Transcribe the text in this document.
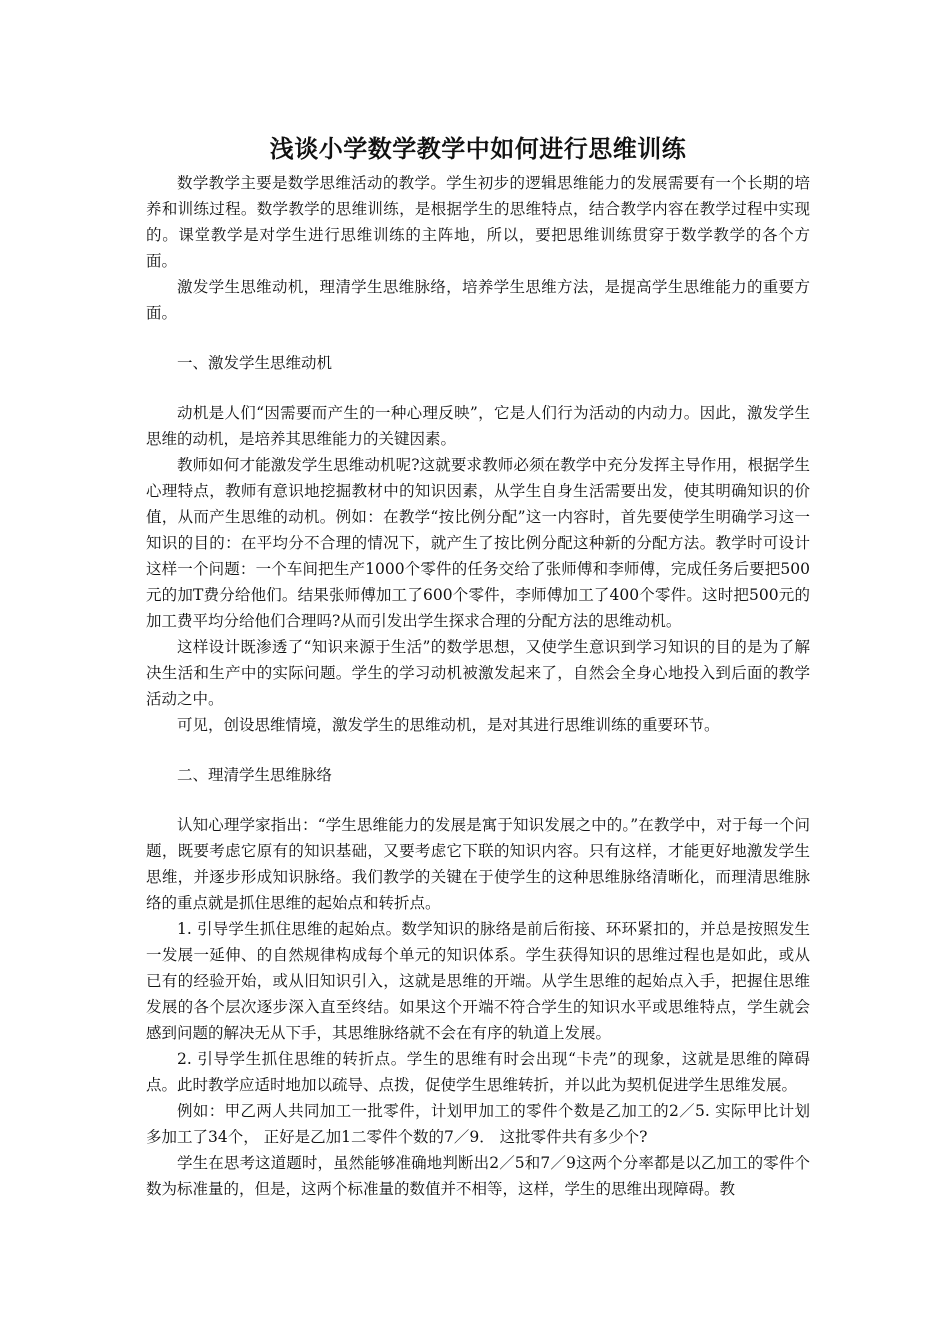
浅谈小学数学教学中如何进行思维训练

数学教学主要是数学思维活动的教学。学生初步的逻辑思维能力的发展需要有一个长期的培养和训练过程。数学教学的思维训练，是根据学生的思维特点，结合教学内容在教学过程中实现的。课堂教学是对学生进行思维训练的主阵地，所以，要把思维训练贯穿于数学教学的各个方面。

激发学生思维动机，理清学生思维脉络，培养学生思维方法，是提高学生思维能力的重要方面。

一、激发学生思维动机

动机是人们“因需要而产生的一种心理反映”，它是人们行为活动的内动力。因此，激发学生思维的动机，是培养其思维能力的关键因素。

教师如何才能激发学生思维动机呢?这就要求教师必须在教学中充分发挥主导作用，根据学生心理特点，教师有意识地挖掘教材中的知识因素，从学生自身生活需要出发，使其明确知识的价值，从而产生思维的动机。例如：在教学“按比例分配”这一内容时，首先要使学生明确学习这一知识的目的：在平均分不合理的情况下，就产生了按比例分配这种新的分配方法。教学时可设计这样一个问题：一个车间把生产1000个零件的任务交给了张师傅和李师傅，完成任务后要把500元的加T费分给他们。结果张师傅加工了600个零件，李师傅加工了400个零件。这时把500元的加工费平均分给他们合理吗?从而引发出学生探求合理的分配方法的思维动机。

这样设计既渗透了“知识来源于生活”的数学思想，又使学生意识到学习知识的目的是为了解决生活和生产中的实际问题。学生的学习动机被激发起来了，自然会全身心地投入到后面的教学活动之中。

可见，创设思维情境，激发学生的思维动机，是对其进行思维训练的重要环节。

二、理清学生思维脉络

认知心理学家指出：“学生思维能力的发展是寓于知识发展之中的。”在教学中，对于每一个问题，既要考虑它原有的知识基础，又要考虑它下联的知识内容。只有这样，才能更好地激发学生思维，并逐步形成知识脉络。我们教学的关键在于使学生的这种思维脉络清晰化，而理清思维脉络的重点就是抓住思维的起始点和转折点。

1. 引导学生抓住思维的起始点。数学知识的脉络是前后衔接、环环紧扣的，并总是按照发生一发展一延伸、的自然规律构成每个单元的知识体系。学生获得知识的思维过程也是如此，或从已有的经验开始，或从旧知识引入，这就是思维的开端。从学生思维的起始点入手，把握住思维发展的各个层次逐步深入直至终结。如果这个开端不符合学生的知识水平或思维特点，学生就会感到问题的解决无从下手，其思维脉络就不会在有序的轨道上发展。

2. 引导学生抓住思维的转折点。学生的思维有时会出现“卡壳”的现象，这就是思维的障碍点。此时教学应适时地加以疏导、点拨，促使学生思维转折，并以此为契机促进学生思维发展。

例如：甲乙两人共同加工一批零件，计划甲加工的零件个数是乙加工的2／5. 实际甲比计划多加工了34个， 正好是乙加1二零件个数的7／9． 这批零件共有多少个?

学生在思考这道题时，虽然能够准确地判断出2／5和7／9这两个分率都是以乙加工的零件个数为标准量的，但是，这两个标准量的数值并不相等，这样，学生的思维出现障碍。教
